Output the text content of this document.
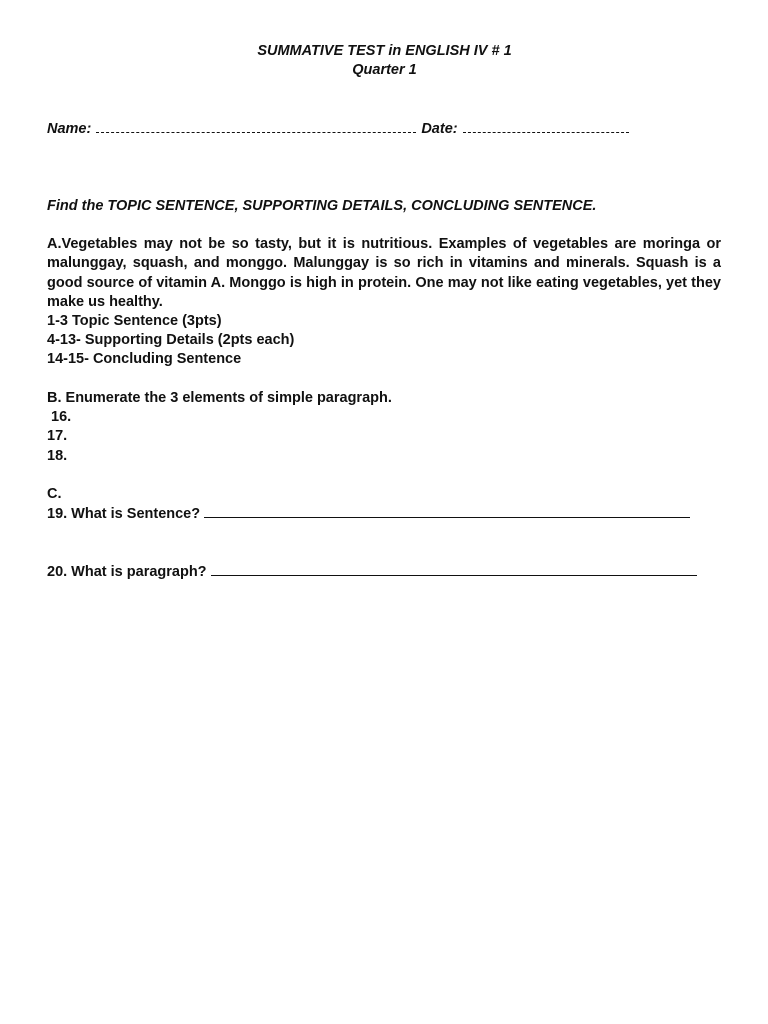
SUMMATIVE TEST in ENGLISH IV # 1
Quarter 1
Name:	Date:
Find the TOPIC SENTENCE, SUPPORTING DETAILS, CONCLUDING SENTENCE.
A.Vegetables may not be so tasty, but it is nutritious. Examples of vegetables are moringa or malunggay, squash, and monggo. Malunggay is so rich in vitamins and minerals. Squash is a good source of vitamin A. Monggo is high in protein. One may not like eating vegetables, yet they make us healthy.
1-3 Topic Sentence (3pts)
4-13- Supporting Details (2pts each)
14-15- Concluding Sentence
B. Enumerate the 3 elements of simple paragraph.
16.
17.
18.
C.
19. What is Sentence?
20. What is paragraph?
